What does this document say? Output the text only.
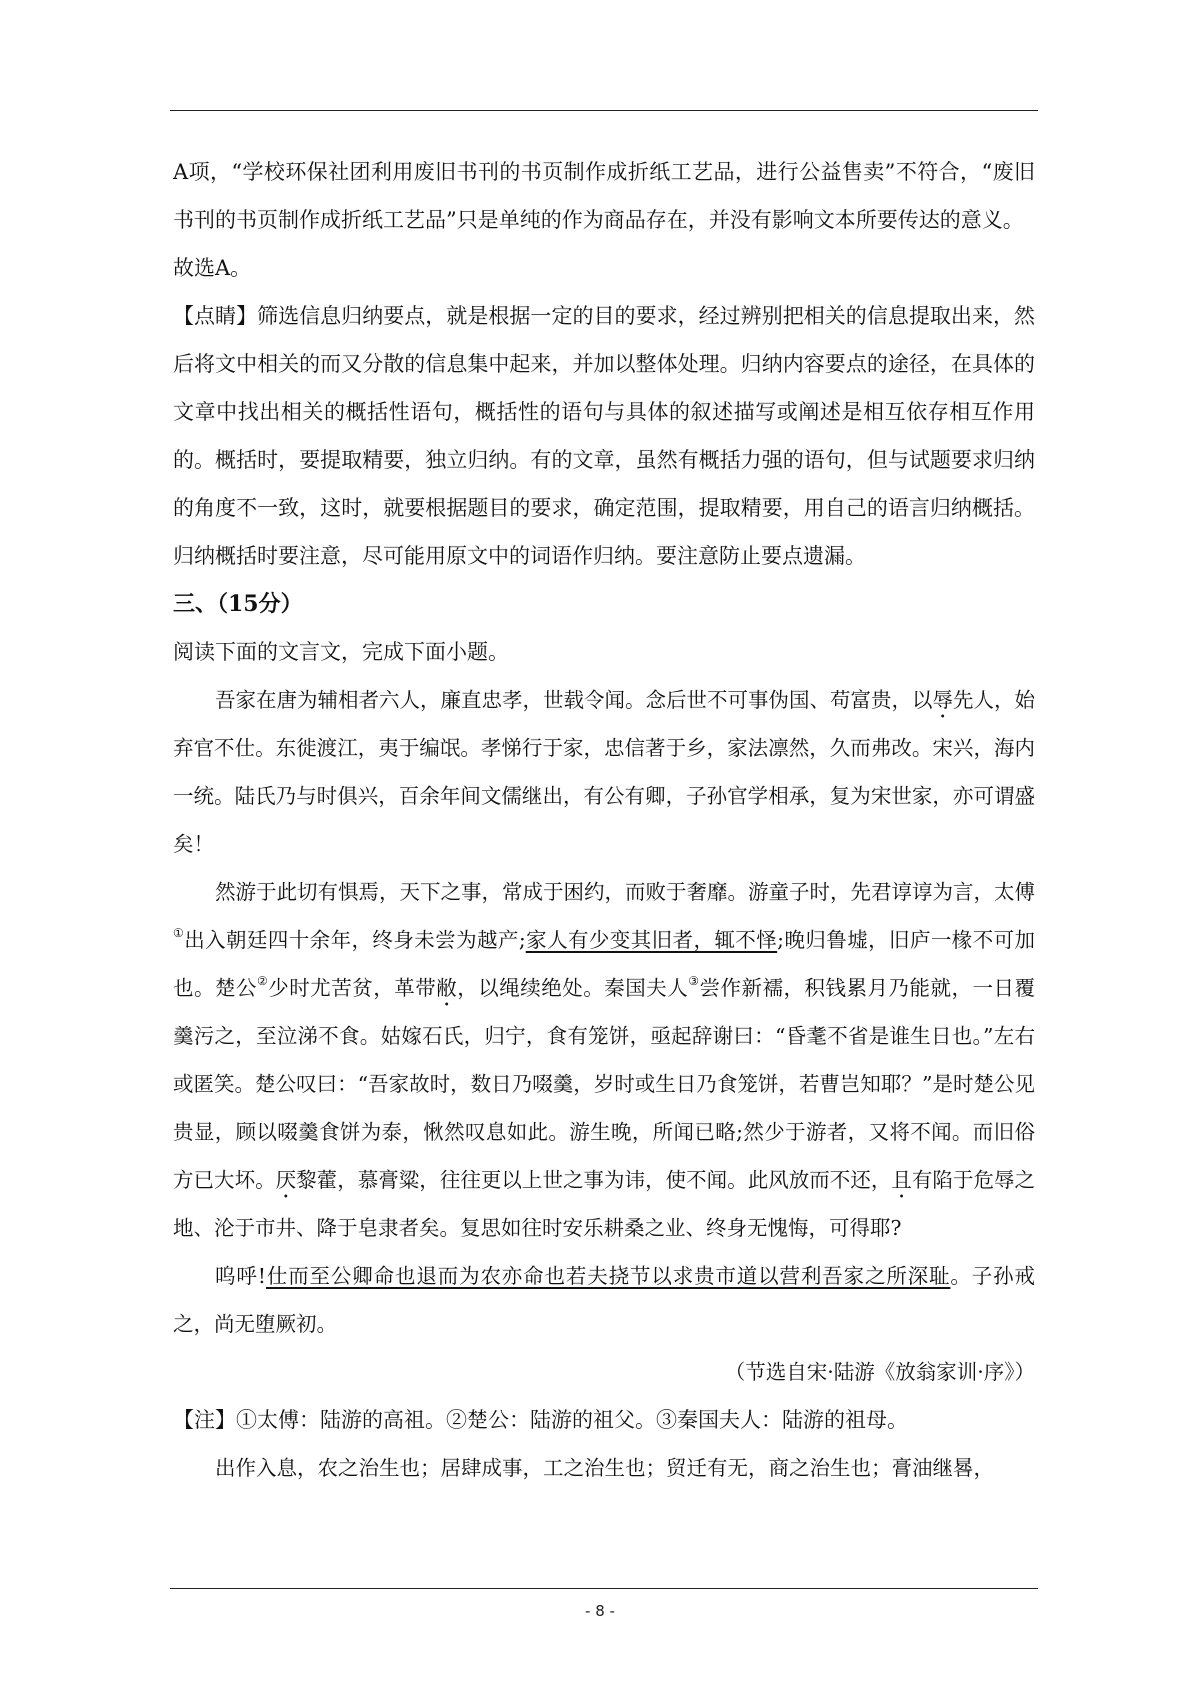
A项，“学校环保社团利用废旧书刊的书页制作成折纸工艺品，进行公益售卖”不符合，“废旧书刊的书页制作成折纸工艺品”只是单纯的作为商品存在，并没有影响文本所要传达的意义。

故选A。

【点睛】筛选信息归纳要点，就是根据一定的目的要求，经过辨别把相关的信息提取出来，然后将文中相关的而又分散的信息集中起来，并加以整体处理。归纳内容要点的途径，在具体的文章中找出相关的概括性语句，概括性的语句与具体的叙述描写或阐述是相互依存相互作用的。概括时，要提取精要，独立归纳。有的文章，虽然有概括力强的语句，但与试题要求归纳的角度不一致，这时，就要根据题目的要求，确定范围，提取精要，用自己的语言归纳概括。归纳概括时要注意，尽可能用原文中的词语作归纳。要注意防止要点遗漏。

三、（15分）

阅读下面的文言文，完成下面小题。

吾家在唐为辅相者六人，廉直忠孝，世载令闻。念后世不可事伪国、苟富贵，以辱先人，始弃官不仕。东徙渡江，夷于编氓。孝悌行于家，忠信著于乡，家法凛然，久而弗改。宋兴，海内一统。陆氏乃与时俱兴，百余年间文儒继出，有公有卿，子孙官学相承，复为宋世家，亦可谓盛矣！

然游于此切有惧焉，天下之事，常成于困约，而败于奢靡。游童子时，先君谆谆为言，太傅①出入朝廷四十余年，终身未尝为越产;家人有少变其旧者，辄不怿;晚归鲁墟，旧庐一椽不可加也。楚公②少时尤苦贫，革带敝，以绳续绝处。秦国夫人③尝作新襦，积钱累月乃能就，一日覆羹污之，至泣涕不食。姑嫁石氏，归宁，食有笼饼，亟起辞谢曰：“昏耄不省是谁生日也。”左右或匿笑。楚公叹曰：“吾家故时，数日乃啜羹，岁时或生日乃食笼饼，若曹岂知耶？”是时楚公见贵显，顾以啜羹食饼为泰，愀然叹息如此。游生晚，所闻已略;然少于游者，又将不闻。而旧俗方已大坏。厌黎藿，慕膏粱，往往更以上世之事为讳，使不闻。此风放而不还，且有陷于危辱之地、沦于市井、降于皂隶者矣。复思如往时安乐耕桑之业、终身无愧悔，可得耶?

呜呼!仕而至公卿命也退而为农亦命也若夫挠节以求贵市道以营利吾家之所深耻。子孙戒之，尚无堕厥初。

（节选自宋·陆游《放翁家训·序》）

【注】①太傅：陆游的高祖。②楚公：陆游的祖父。③秦国夫人：陆游的祖母。

出作入息，农之治生也；居肆成事，工之治生也；贸迁有无，商之治生也；膏油继晷，

- 8 -
